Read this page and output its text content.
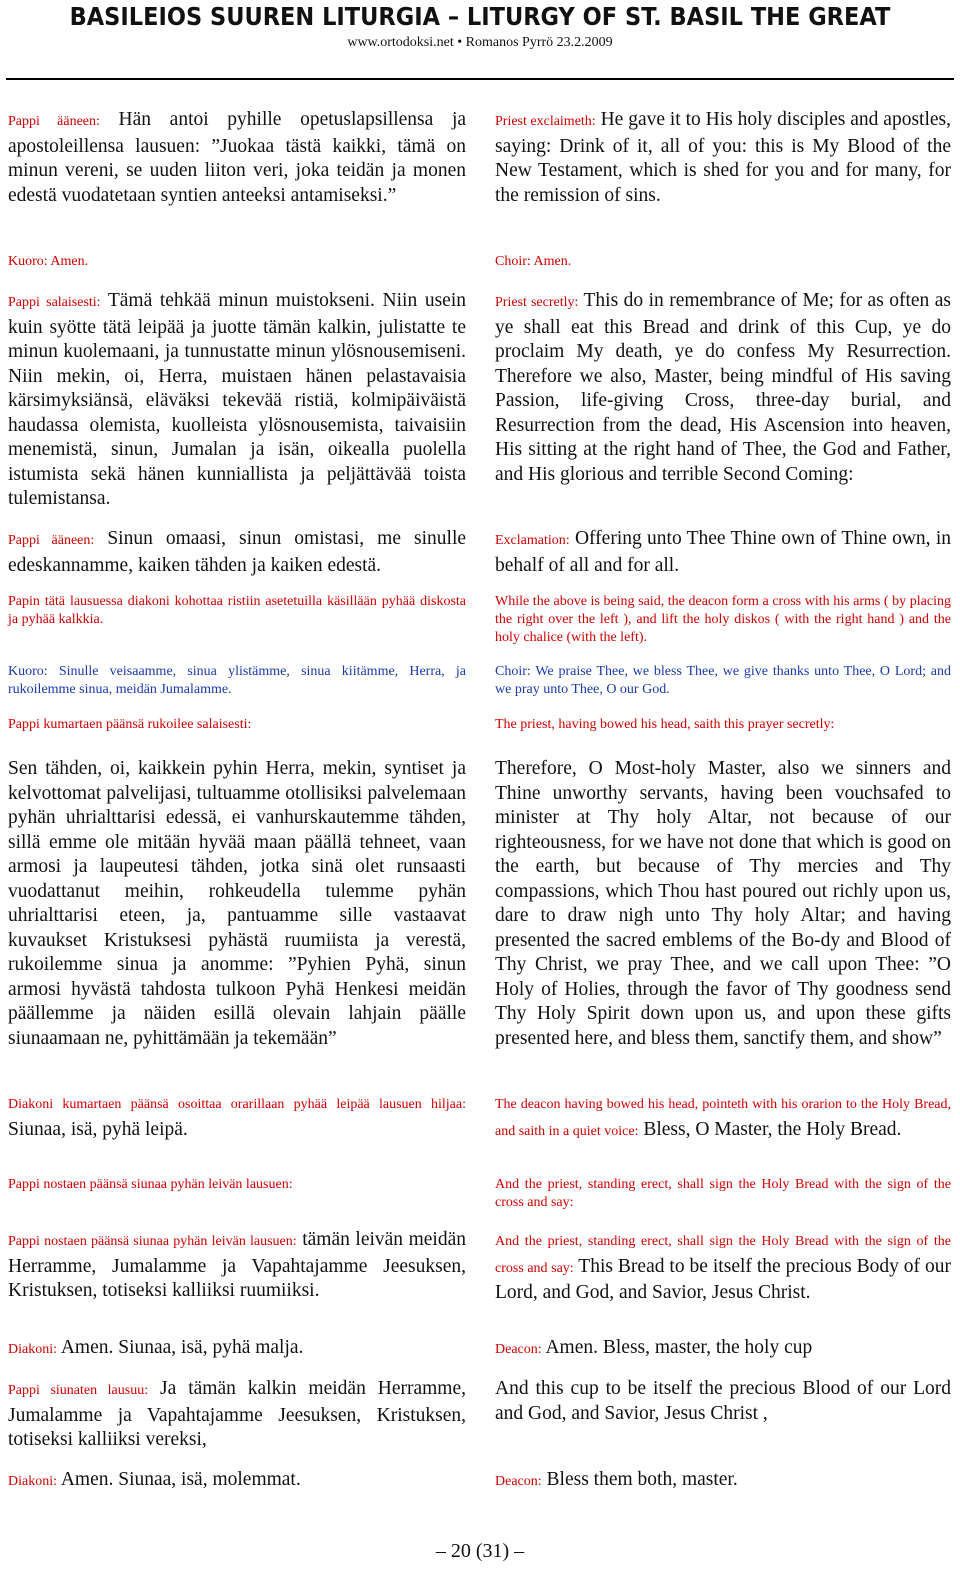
BASILEIOS SUUREN LITURGIA – LITURGY OF ST. BASIL THE GREAT
www.ortodoksi.net • Romanos Pyrrö 23.2.2009
Pappi ääneen: Hän antoi pyhille opetuslapsillensa ja apostoleillensa lausuen: ”Juokaa tästä kaikki, tämä on minun vereni, se uuden liiton veri, joka teidän ja monen edestä vuodatetaan syntien anteeksi antamiseksi.”
Kuoro: Amen.
Pappi salaisesti: Tämä tehkää minun muistokseni. Niin usein kuin syötte tätä leipää ja juotte tämän kalkin, julistatte te minun kuolemaani, ja tunnustatte minun ylösnousemiseni. Niin mekin, oi, Herra, muistaen hänen pelastavaisia kärsimyksiänsä, eläväksi tekevää ristiä, kolmipäiväistä haudassa olemista, kuolleista ylösnousemista, taivaisiin menemistä, sinun, Jumalan ja isän, oikealla puolella istumista sekä hänen kunniallista ja peljättävää toista tulemistansa.
Pappi ääneen: Sinun omaasi, sinun omistasi, me sinulle edeskannamme, kaiken tähden ja kaiken edestä.
Papin tätä lausuessa diakoni kohottaa ristiin asetetuilla käsillään pyhää diskosta ja pyhää kalkkia.
Kuoro: Sinulle veisaamme, sinua ylistämme, sinua kiitämme, Herra, ja rukoilemme sinua, meidän Jumalamme.
Pappi kumartaen päänsä rukoilee salaisesti:
Sen tähden, oi, kaikkein pyhin Herra, mekin, syntiset ja kelvottomat palvelijasi, tultuamme otollisiksi palvelemaan pyhän uhrialttarisi edessä, ei vanhurskautemme tähden, sillä emme ole mitään hyvää maan päällä tehneet, vaan armosi ja laupeutesi tähden, jotka sinä olet runsaasti vuodattanut meihin, rohkeudella tulemme pyhän uhrialttarisi eteen, ja, pantuamme sille vastaavat kuvaukset Kristuksesi pyhästä ruumiista ja verestä, rukoilemme sinua ja anomme: ”Pyhien Pyhä, sinun armosi hyvästä tahdosta tulkoon Pyhä Henkesi meidän päällemme ja näiden esillä olevain lahjain päälle siunaamaan ne, pyhittämään ja tekemään”
Diakoni kumartaen päänsä osoittaa orarillaan pyhää leipää lausuen hiljaa: Siunaa, isä, pyhä leipä.
Pappi nostaen päänsä siunaa pyhän leivän lausuen:
Pappi nostaen päänsä siunaa pyhän leivän lausuen: tämän leivän meidän Herramme, Jumalamme ja Vapahtajamme Jeesuksen, Kristuksen, totiseksi kalliiksi ruumiiksi.
Diakoni: Amen. Siunaa, isä, pyhä malja.
Pappi siunaten lausuu: Ja tämän kalkin meidän Herramme, Jumalamme ja Vapahtajamme Jeesuksen, Kristuksen, totiseksi kalliiksi vereksi,
Diakoni: Amen. Siunaa, isä, molemmat.
Priest exclaimeth: He gave it to His holy disciples and apostles, saying: Drink of it, all of you: this is My Blood of the New Testament, which is shed for you and for many, for the remission of sins.
Choir: Amen.
Priest secretly: This do in remembrance of Me; for as often as ye shall eat this Bread and drink of this Cup, ye do proclaim My death, ye do confess My Resurrection. Therefore we also, Master, being mindful of His saving Passion, life-giving Cross, three-day burial, and Resurrection from the dead, His Ascension into heaven, His sitting at the right hand of Thee, the God and Father, and His glorious and terrible Second Coming:
Exclamation: Offering unto Thee Thine own of Thine own, in behalf of all and for all.
While the above is being said, the deacon form a cross with his arms ( by placing the right over the left ), and lift the holy diskos ( with the right hand ) and the holy chalice (with the left).
Choir: We praise Thee, we bless Thee, we give thanks unto Thee, O Lord; and we pray unto Thee, O our God.
The priest, having bowed his head, saith this prayer secretly:
Therefore, O Most-holy Master, also we sinners and Thine unworthy servants, having been vouchsafed to minister at Thy holy Altar, not because of our righteousness, for we have not done that which is good on the earth, but because of Thy mercies and Thy compassions, which Thou hast poured out richly upon us, dare to draw nigh unto Thy holy Altar; and having presented the sacred emblems of the Bo-dy and Blood of Thy Christ, we pray Thee, and we call upon Thee: ”O Holy of Holies, through the favor of Thy goodness send Thy Holy Spirit down upon us, and upon these gifts presented here, and bless them, sanctify them, and show”
The deacon having bowed his head, pointeth with his orarion to the Holy Bread, and saith in a quiet voice: Bless, O Master, the Holy Bread.
And the priest, standing erect, shall sign the Holy Bread with the sign of the cross and say:
And the priest, standing erect, shall sign the Holy Bread with the sign of the cross and say: This Bread to be itself the precious Body of our Lord, and God, and Savior, Jesus Christ.
Deacon: Amen. Bless, master, the holy cup
And this cup to be itself the precious Blood of our Lord and God, and Savior, Jesus Christ ,
Deacon: Bless them both, master.
– 20 (31) –
